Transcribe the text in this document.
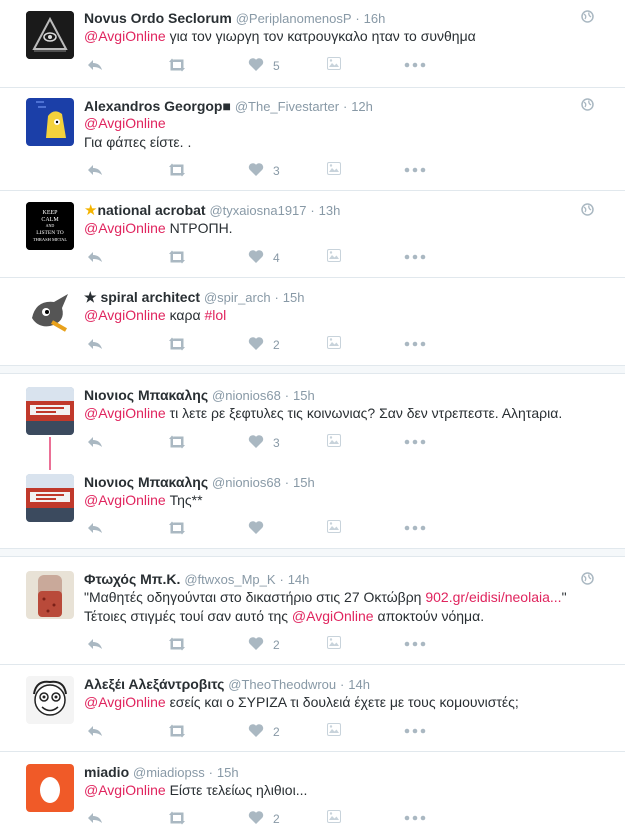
Novus Ordo Seclorum @PeriplanomenosP · 16h
@AvgiOnline για τον γιωργη τον κατρουγκαλο ηταν το συνθημα
5
Alexandros Georgop■ @The_Fivestarter · 12h
@AvgiOnline
Για φάπες είστε. .
3
KEEP
CALM
AND
LISTEN TO
THRASH METAL
★national acrobat @tyxaiosna1917 · 13h
@AvgiOnline ΝΤΡΟΠΗ.
4
★ spiral architect @spir_arch · 15h
@AvgiOnline καρα #lol
2
Νιονιος Μπακαλης @nionios68 · 15h
@AvgiOnline τι λετε ρε ξεφτυλες τις κοινωνιας? Σαν δεν ντρεπεστε. Αλητaρια.
3
Νιονιος Μπακαλης @nionios68 · 15h
@AvgiOnline Της**
Φτωχός Μπ.Κ. @ftwxos_Mp_K · 14h
"Μαθητές οδηγούνται στο δικαστήριο στις 27 Οκτώβρη 902.gr/eidisi/neolaia..."
Τέτοιες στιγμές τουί σαν αυτό της @AvgiOnline αποκτούν νόημα.
2
Αλεξέι Αλεξάντροβιτς @TheoTheodwrou · 14h
@AvgiOnline εσείς και ο ΣΥΡΙΖΑ τι δουλειά έχετε με τους κομουνιστές;
2
miadio @miadiopss · 15h
@AvgiOnline Είστε τελείως ηλιθιοι...
2
